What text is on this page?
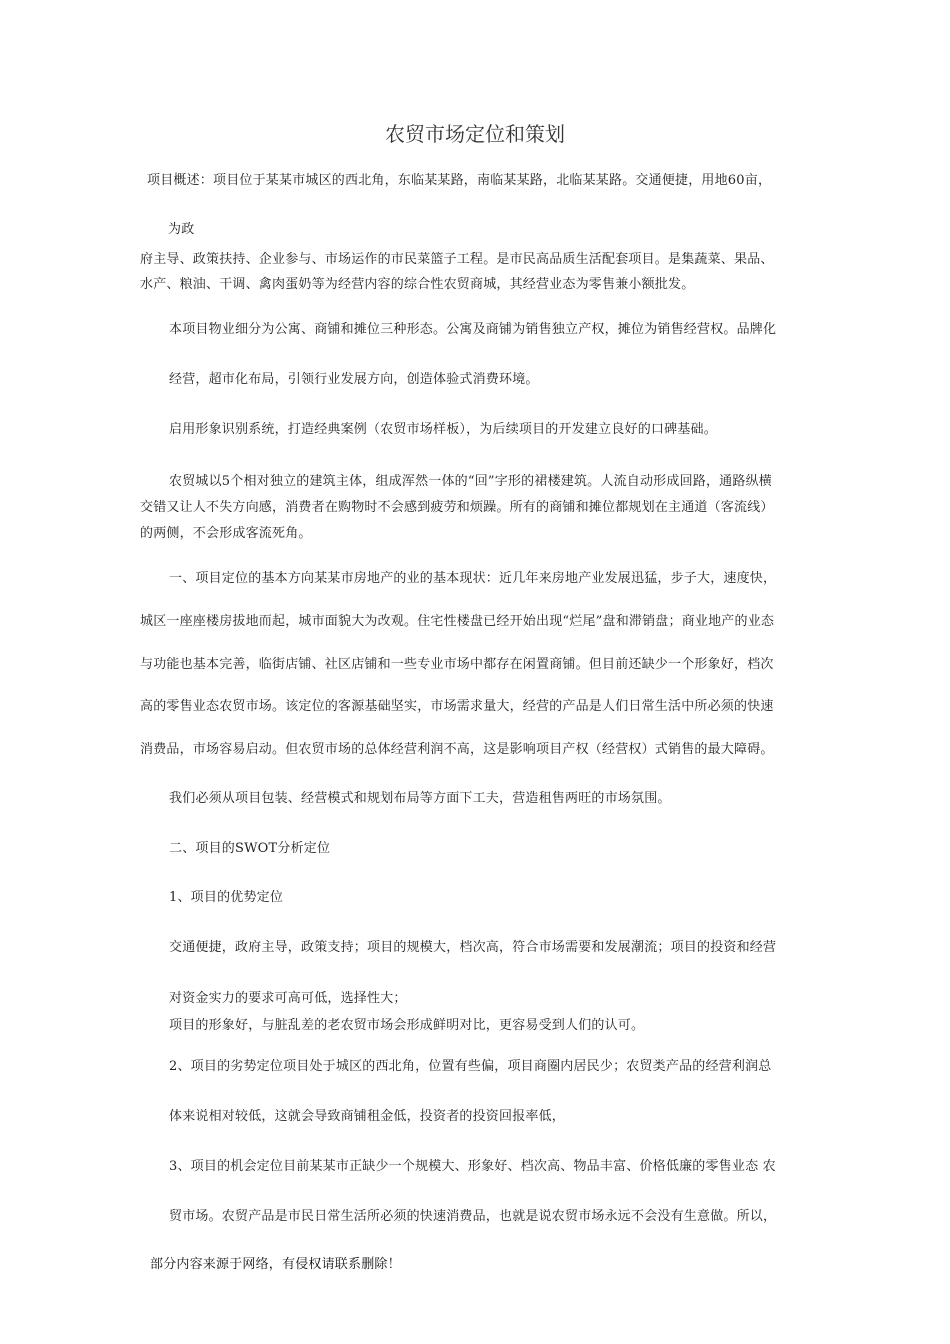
农贸市场定位和策划
项目概述：项目位于某某市城区的西北角，东临某某路，南临某某路，北临某某路。交通便捷，用地60亩，
为政
府主导、政策扶持、企业参与、市场运作的市民菜篮子工程。是市民高品质生活配套项目。是集蔬菜、果品、
水产、粮油、干调、禽肉蛋奶等为经营内容的综合性农贸商城，其经营业态为零售兼小额批发。
本项目物业细分为公寓、商铺和摊位三种形态。公寓及商铺为销售独立产权，摊位为销售经营权。品牌化
经营，超市化布局，引领行业发展方向，创造体验式消费环境。
启用形象识别系统，打造经典案例（农贸市场样板），为后续项目的开发建立良好的口碑基础。
农贸城以5个相对独立的建筑主体，组成浑然一体的“回”字形的裙楼建筑。人流自动形成回路，通路纵横
交错又让人不失方向感，消费者在购物时不会感到疲劳和烦躁。所有的商铺和摊位都规划在主通道（客流线）
的两侧，不会形成客流死角。
一、项目定位的基本方向某某市房地产的业的基本现状：近几年来房地产业发展迅猛，步子大，速度快，
城区一座座楼房拔地而起，城市面貌大为改观。住宅性楼盘已经开始出现“烂尾”盘和滞销盘；商业地产的业态
与功能也基本完善，临街店铺、社区店铺和一些专业市场中都存在闲置商铺。但目前还缺少一个形象好，档次
高的零售业态农贸市场。该定位的客源基础坚实，市场需求量大，经营的产品是人们日常生活中所必须的快速
消费品，市场容易启动。但农贸市场的总体经营利润不高，这是影响项目产权（经营权）式销售的最大障碍。
我们必须从项目包装、经营模式和规划布局等方面下工夫，营造租售两旺的市场氛围。
二、项目的SWOT分析定位
1、项目的优势定位
交通便捷，政府主导，政策支持；项目的规模大，档次高，符合市场需要和发展潮流；项目的投资和经营
对资金实力的要求可高可低，选择性大；
项目的形象好，与脏乱差的老农贸市场会形成鲜明对比，更容易受到人们的认可。
2、项目的劣势定位项目处于城区的西北角，位置有些偏，项目商圈内居民少；农贸类产品的经营利润总
体来说相对较低，这就会导致商铺租金低，投资者的投资回报率低，
3、项目的机会定位目前某某市正缺少一个规模大、形象好、档次高、物品丰富、价格低廉的零售业态 农
贸市场。农贸产品是市民日常生活所必须的快速消费品，也就是说农贸市场永远不会没有生意做。所以，
部分内容来源于网络，有侵权请联系删除！
